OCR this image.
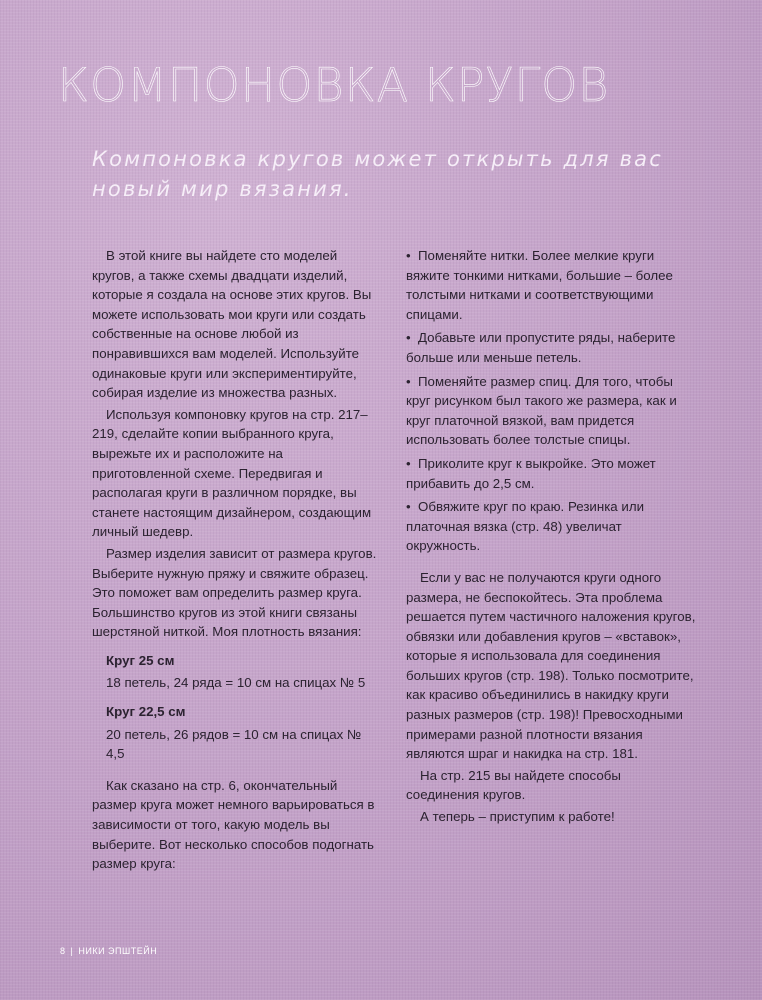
КОМПОНОВКА КРУГОВ

Компоновка кругов может открыть для вас новый мир вязания.

В этой книге вы найдете сто моделей кругов, а также схемы двадцати изделий, которые я создала на основе этих кругов. Вы можете использовать мои круги или создать собственные на основе любой из понравившихся вам моделей. Используйте одинаковые круги или экспериментируйте, собирая изделие из множества разных.

Используя компоновку кругов на стр. 217–219, сделайте копии выбранного круга, вырежьте их и расположите на приготовленной схеме. Передвигая и располагая круги в различном порядке, вы станете настоящим дизайнером, создающим личный шедевр.

Размер изделия зависит от размера кругов. Выберите нужную пряжу и свяжите образец. Это поможет вам определить размер круга. Большинство кругов из этой книги связаны шерстяной ниткой. Моя плотность вязания:

Круг 25 см

18 петель, 24 ряда = 10 см на спицах № 5

Круг 22,5 см

20 петель, 26 рядов = 10 см на спицах № 4,5

Как сказано на стр. 6, окончательный размер круга может немного варьироваться в зависимости от того, какую модель вы выберите. Вот несколько способов подогнать размер круга:

• Поменяйте нитки. Более мелкие круги вяжите тонкими нитками, большие – более толстыми нитками и соответствующими спицами.

• Добавьте или пропустите ряды, наберите больше или меньше петель.

• Поменяйте размер спиц. Для того, чтобы круг рисунком был такого же размера, как и круг платочной вязкой, вам придется использовать более толстые спицы.

• Приколите круг к выкройке. Это может прибавить до 2,5 см.

• Обвяжите круг по краю. Резинка или платочная вязка (стр. 48) увеличат окружность.

Если у вас не получаются круги одного размера, не беспокойтесь. Эта проблема решается путем частичного наложения кругов, обвязки или добавления кругов – «вставок», которые я использовала для соединения больших кругов (стр. 198). Только посмотрите, как красиво объединились в накидку круги разных размеров (стр. 198)! Превосходными примерами разной плотности вязания являются шраг и накидка на стр. 181.

На стр. 215 вы найдете способы соединения кругов.

А теперь – приступим к работе!

8 | НИКИ ЭПШТЕЙН
